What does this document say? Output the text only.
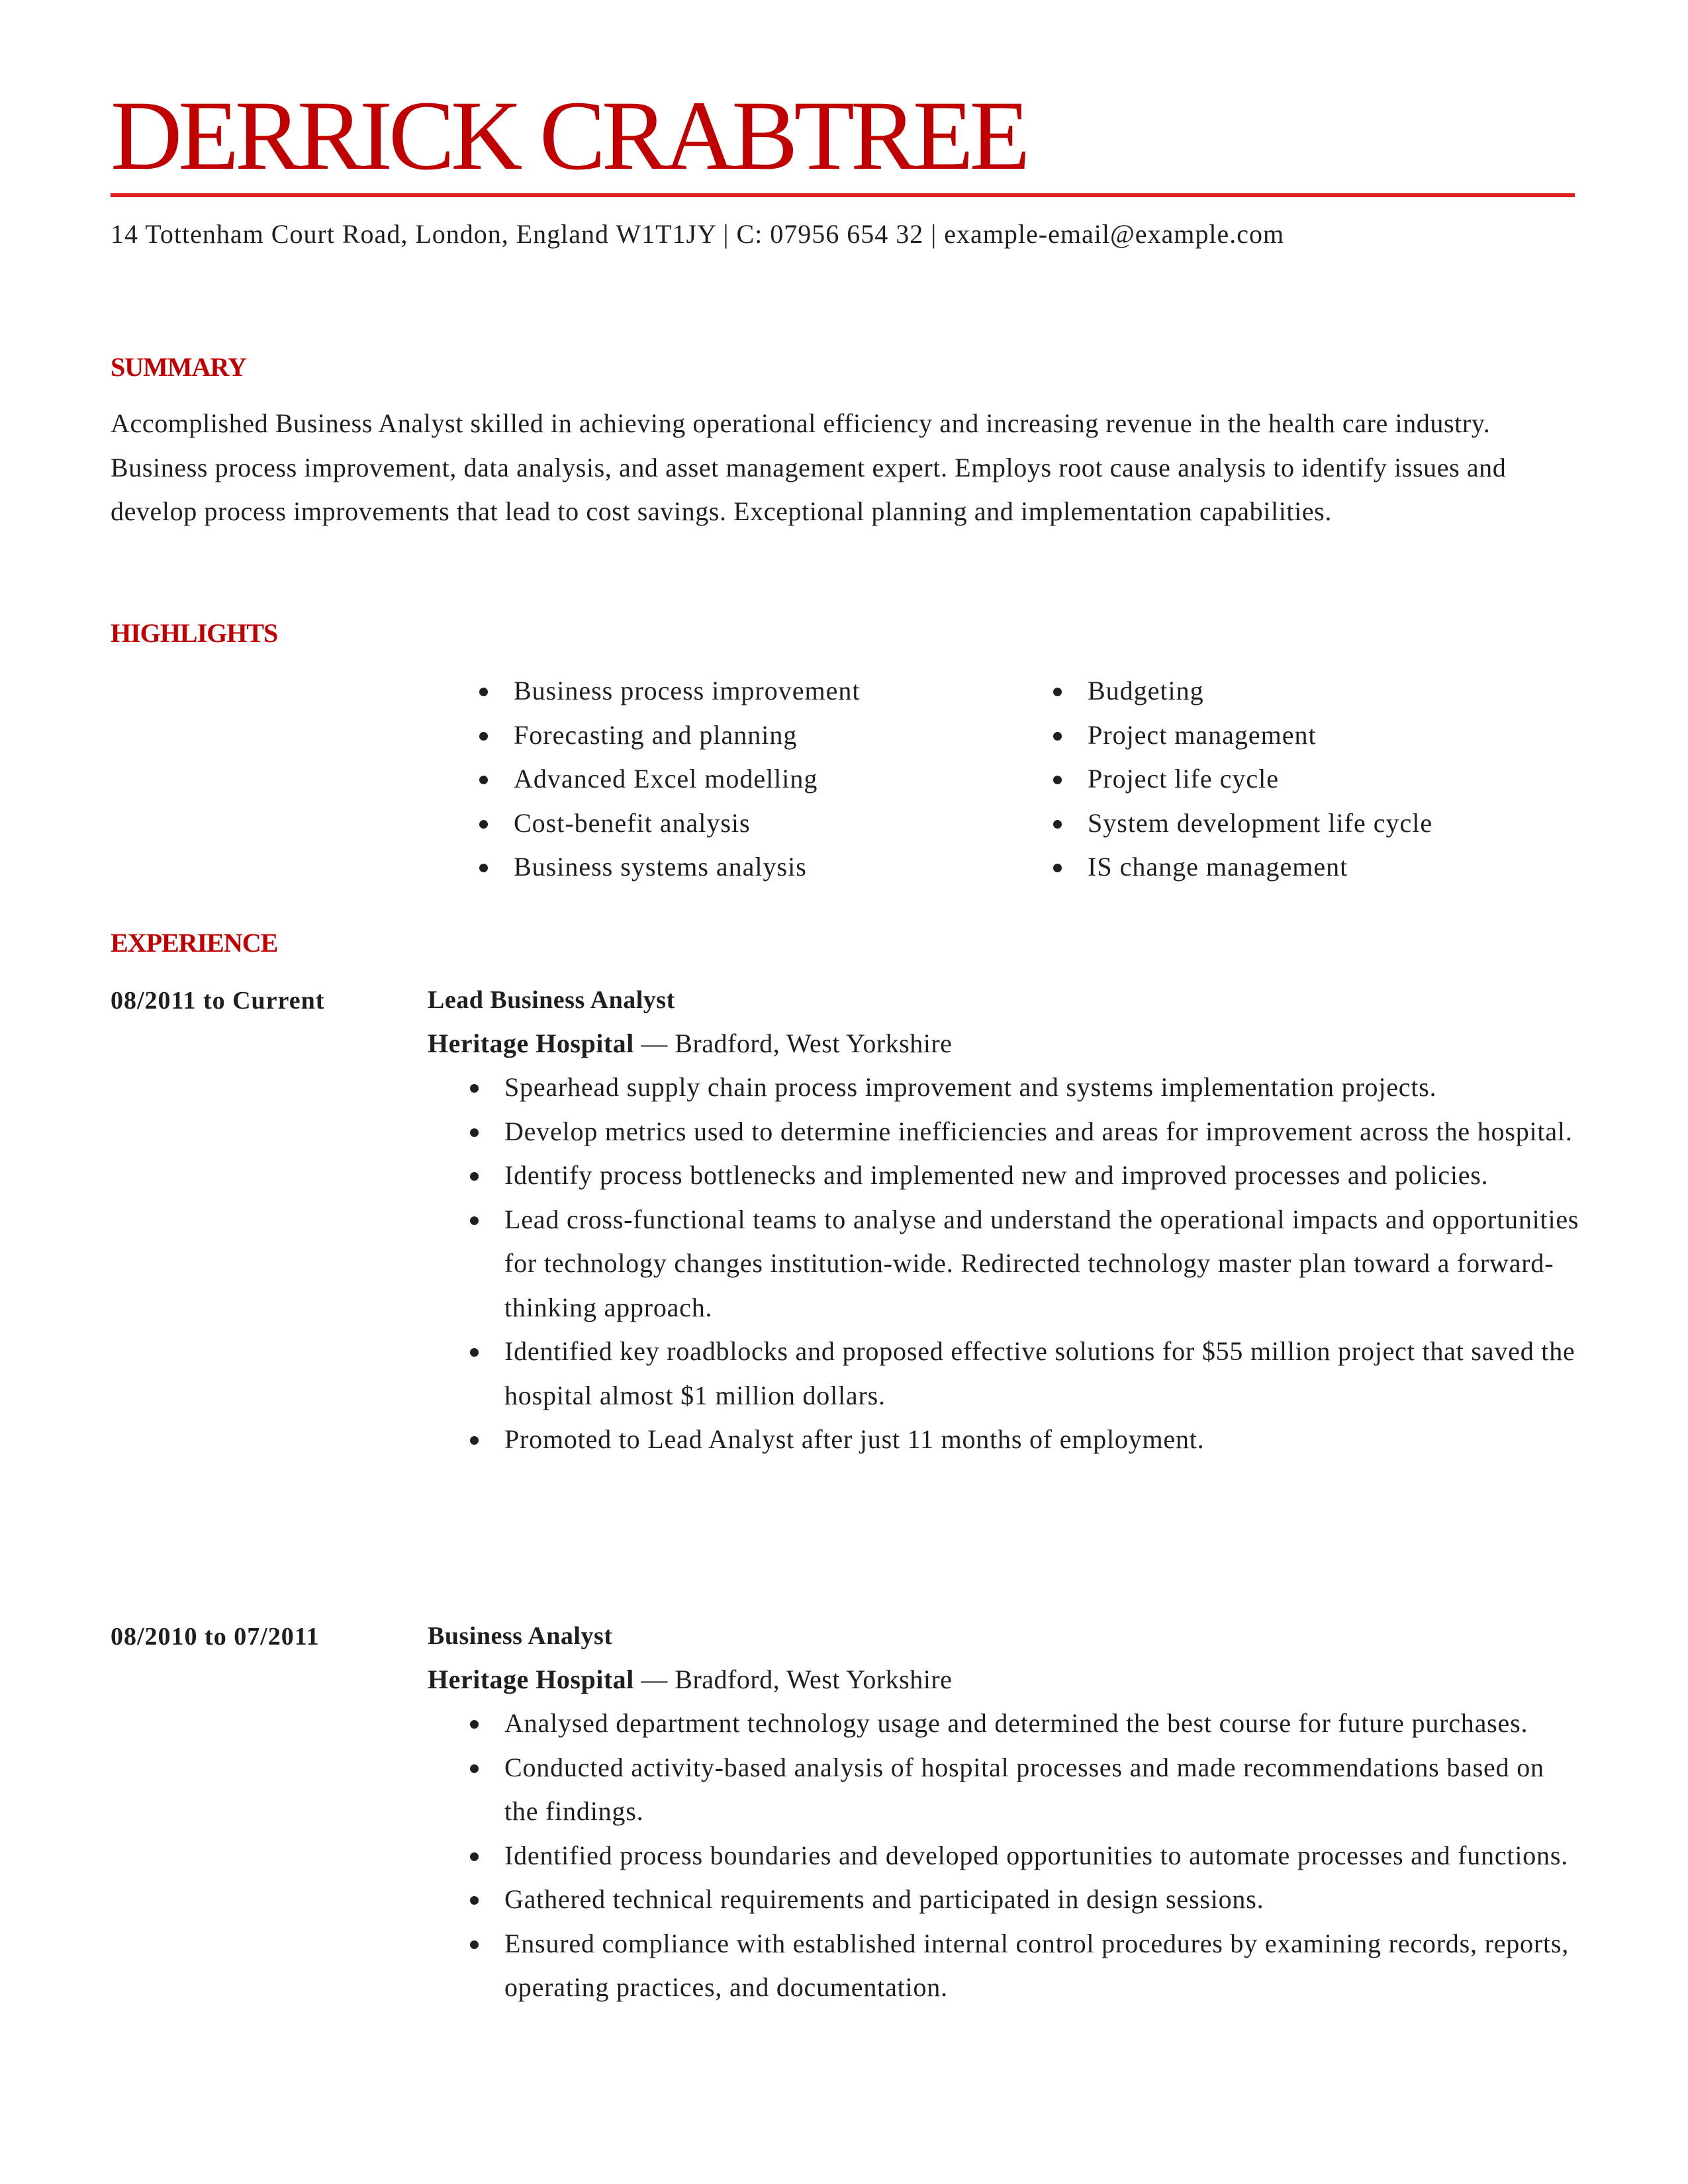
DERRICK CRABTREE

14 Tottenham Court Road, London, England W1T1JY | C: 07956 654 32 | example-email@example.com

SUMMARY

Accomplished Business Analyst skilled in achieving operational efficiency and increasing revenue in the health care industry. Business process improvement, data analysis, and asset management expert. Employs root cause analysis to identify issues and develop process improvements that lead to cost savings. Exceptional planning and implementation capabilities.

HIGHLIGHTS
Business process improvement
Forecasting and planning
Advanced Excel modelling
Cost-benefit analysis
Business systems analysis
Budgeting
Project management
Project life cycle
System development life cycle
IS change management
EXPERIENCE

08/2011 to Current	Lead Business Analyst

Heritage Hospital — Bradford, West Yorkshire

Spearhead supply chain process improvement and systems implementation projects.
Develop metrics used to determine inefficiencies and areas for improvement across the hospital.
Identify process bottlenecks and implemented new and improved processes and policies.
Lead cross-functional teams to analyse and understand the operational impacts and opportunities for technology changes institution-wide. Redirected technology master plan toward a forward-thinking approach.
Identified key roadblocks and proposed effective solutions for $55 million project that saved the hospital almost $1 million dollars.
Promoted to Lead Analyst after just 11 months of employment.

08/2010 to 07/2011	Business Analyst

Heritage Hospital — Bradford, West Yorkshire

Analysed department technology usage and determined the best course for future purchases.
Conducted activity-based analysis of hospital processes and made recommendations based on the findings.
Identified process boundaries and developed opportunities to automate processes and functions.
Gathered technical requirements and participated in design sessions.
Ensured compliance with established internal control procedures by examining records, reports, operating practices, and documentation.
